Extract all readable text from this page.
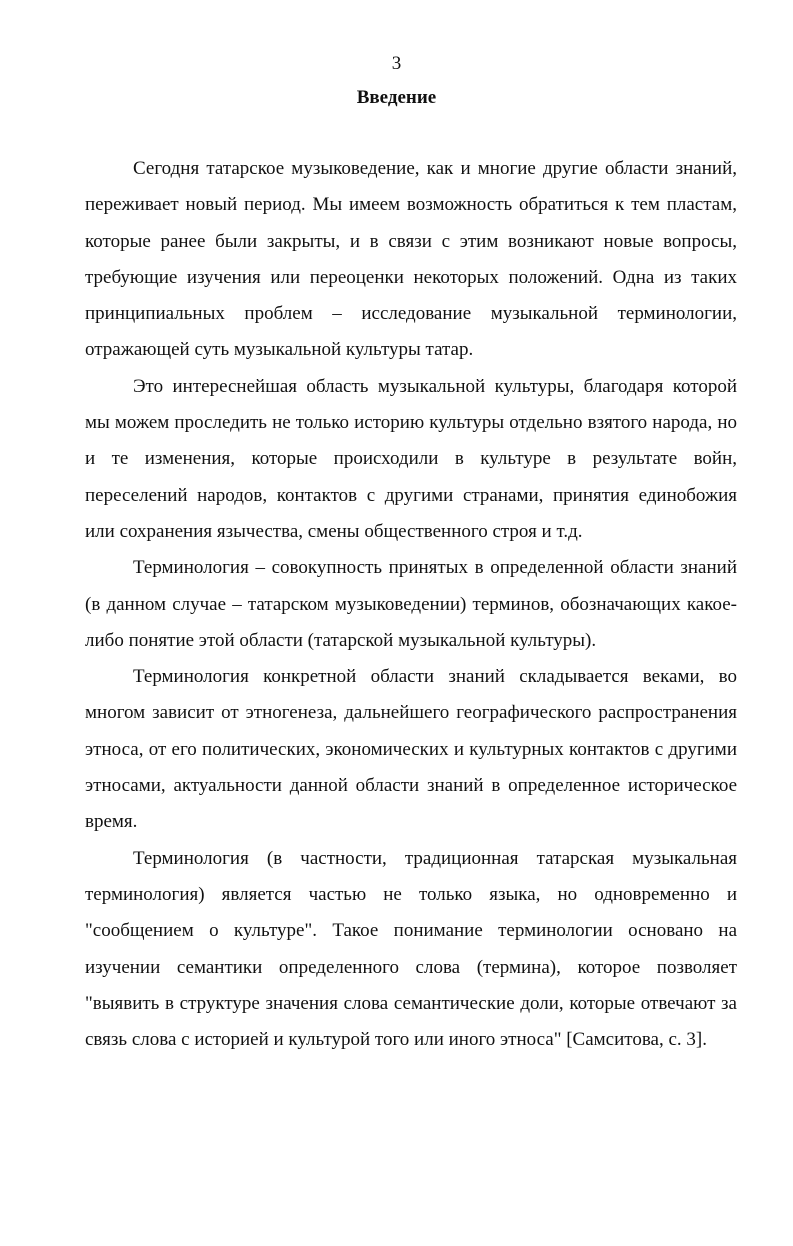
3
Введение

Сегодня татарское музыковедение, как и многие другие области знаний, переживает новый период. Мы имеем возможность обратиться к тем пластам, которые ранее были закрыты, и в связи с этим возникают новые вопросы, требующие изучения или переоценки некоторых положений. Одна из таких принципиальных проблем – исследование музыкальной терминологии, отражающей суть музыкальной культуры татар.

Это интереснейшая область музыкальной культуры, благодаря которой мы можем проследить не только историю культуры отдельно взятого народа, но и те изменения, которые происходили в культуре в результате войн, переселений народов, контактов с другими странами, принятия единобожия или сохранения язычества, смены общественного строя и т.д.

Терминология – совокупность принятых в определенной области знаний (в данном случае – татарском музыковедении) терминов, обозначающих какое-либо понятие этой области (татарской музыкальной культуры).

Терминология конкретной области знаний складывается веками, во многом зависит от этногенеза, дальнейшего географического распространения этноса, от его политических, экономических и культурных контактов с другими этносами, актуальности данной области знаний в определенное историческое время.

Терминология (в частности, традиционная татарская музыкальная терминология) является частью не только языка, но одновременно и "сообщением о культуре". Такое понимание терминологии основано на изучении семантики определенного слова (термина), которое позволяет "выявить в структуре значения слова семантические доли, которые отвечают за связь слова с историей и культурой того или иного этноса" [Самситова, с. 3].
